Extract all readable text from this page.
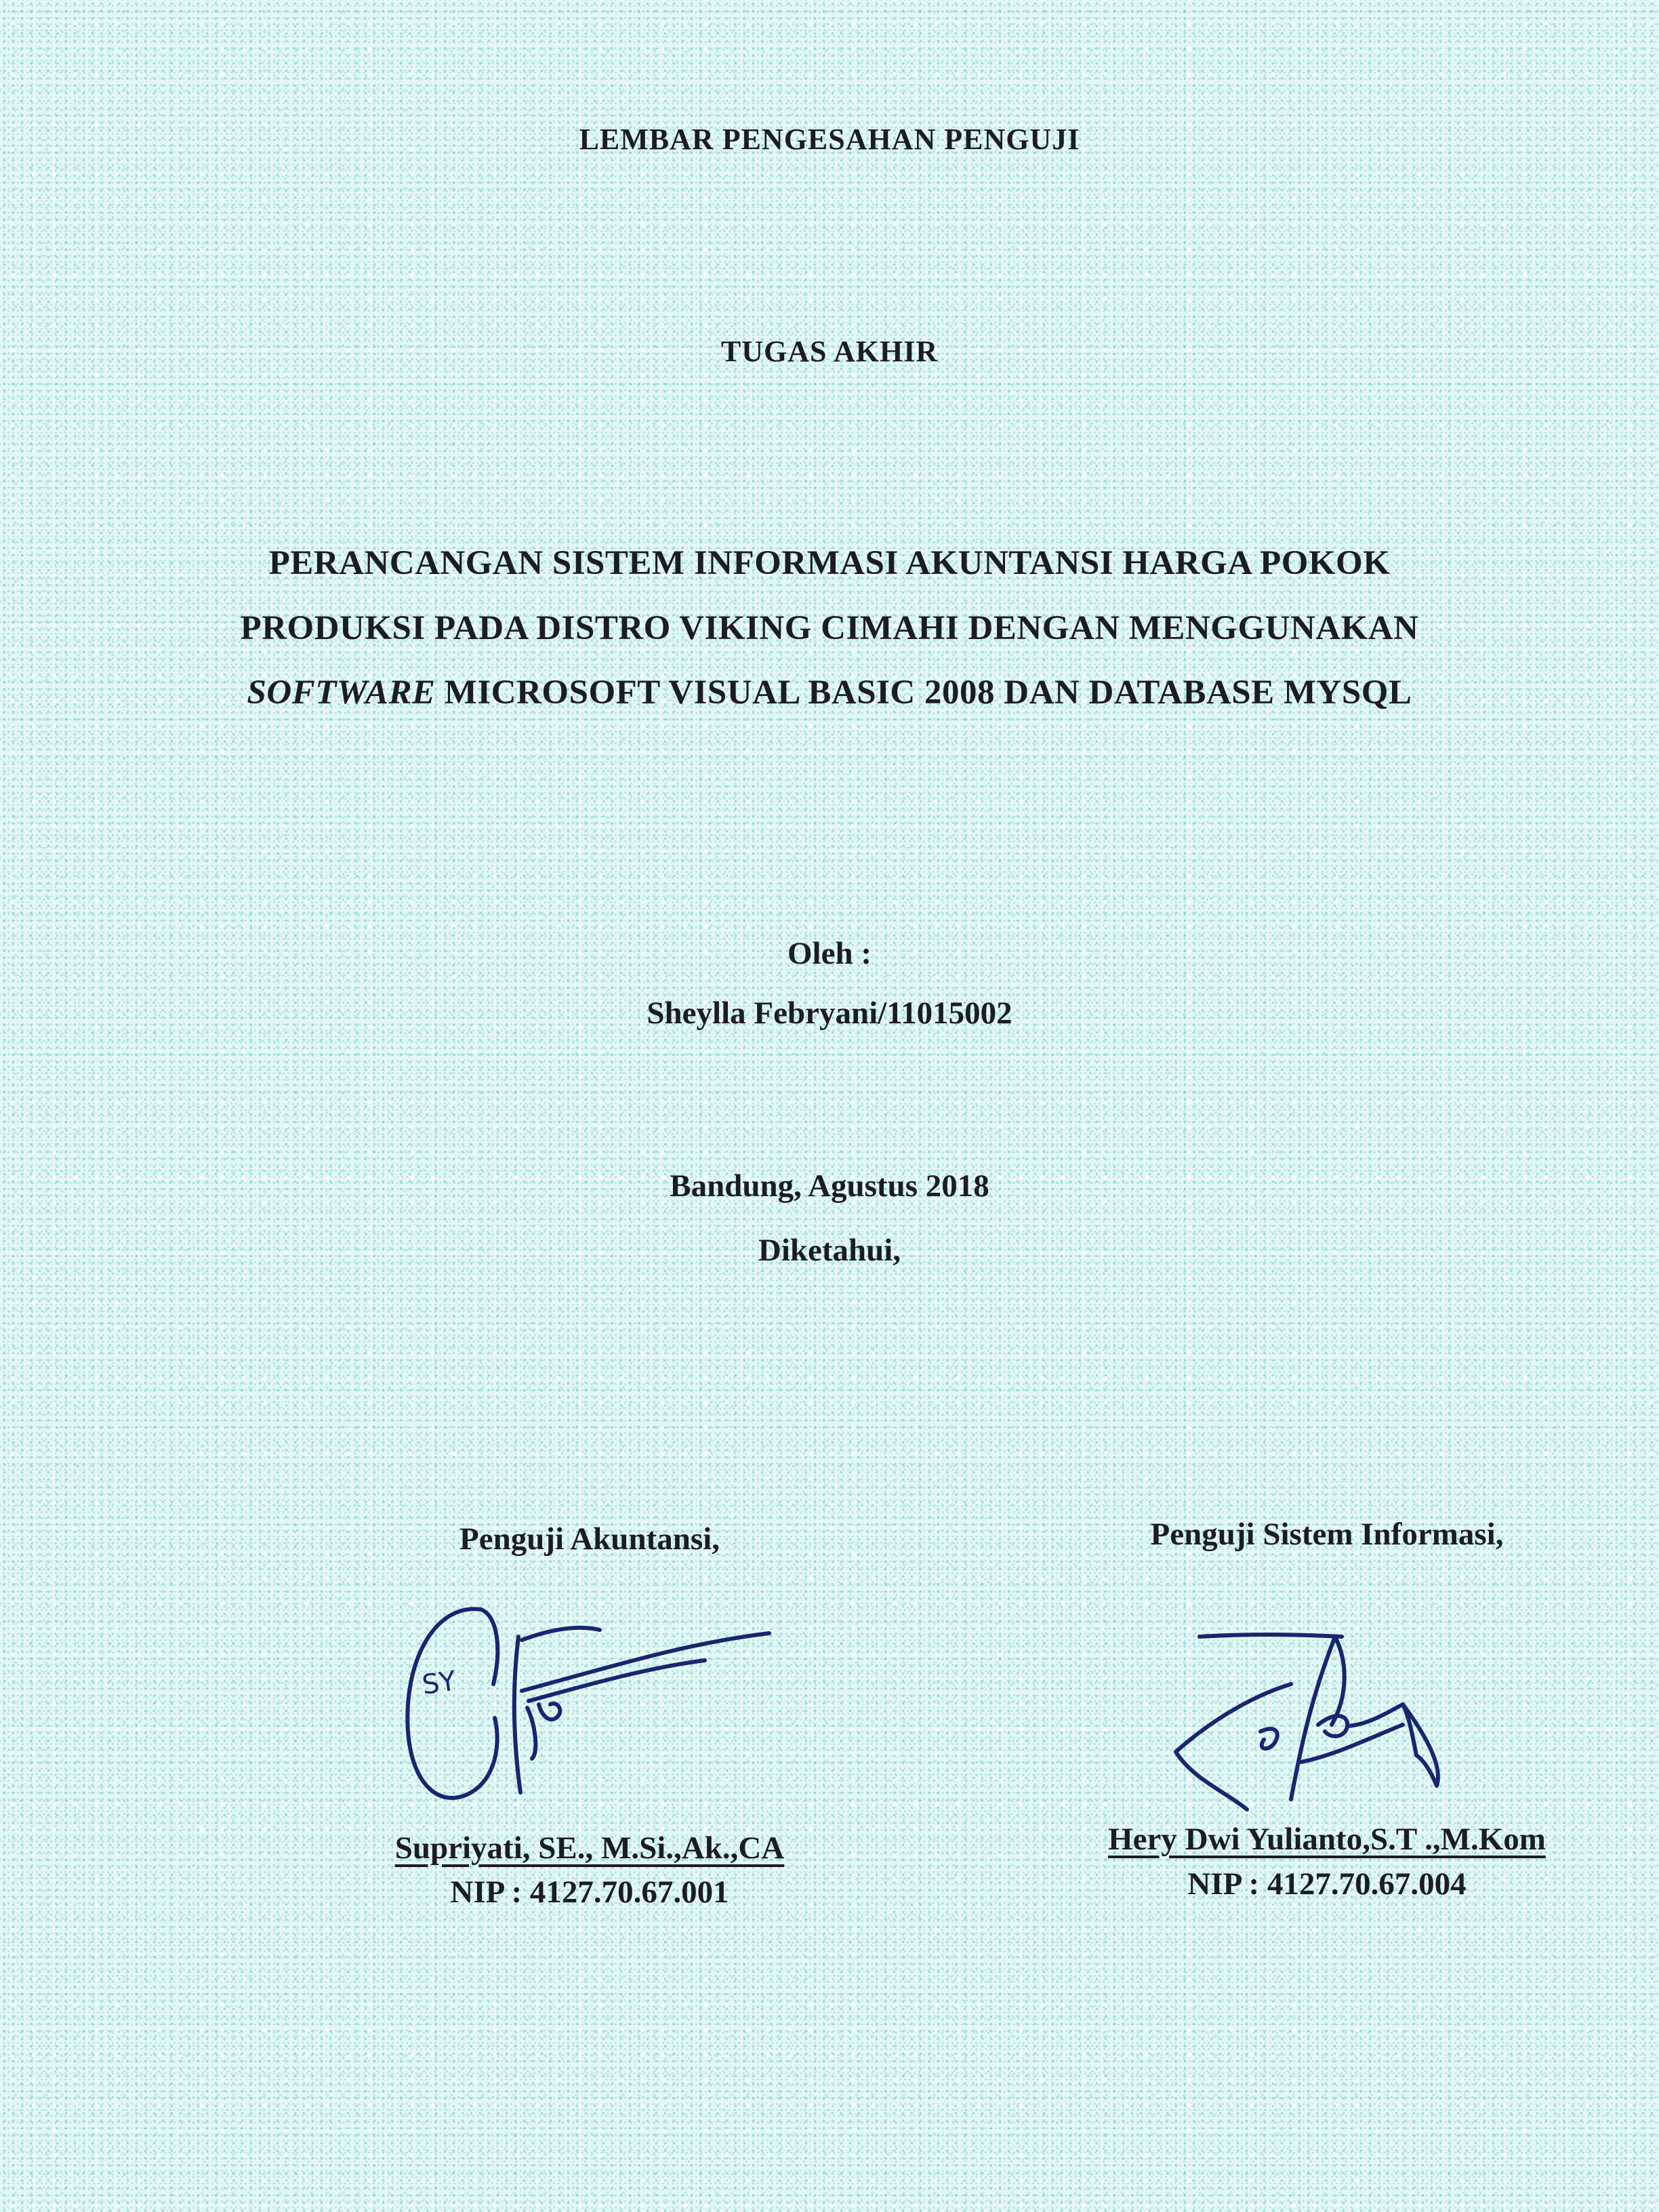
LEMBAR PENGESAHAN PENGUJI
TUGAS AKHIR
PERANCANGAN SISTEM INFORMASI AKUNTANSI HARGA POKOK
PRODUKSI PADA DISTRO VIKING CIMAHI DENGAN MENGGUNAKAN
SOFTWARE MICROSOFT VISUAL BASIC 2008 DAN DATABASE MYSQL
Oleh :
Sheylla Febryani/11015002
Bandung, Agustus 2018
Diketahui,
Penguji Akuntansi,
SY
Supriyati, SE., M.Si.,Ak.,CA
NIP : 4127.70.67.001
Penguji Sistem Informasi,
Hery Dwi Yulianto,S.T .,M.Kom
NIP : 4127.70.67.004
